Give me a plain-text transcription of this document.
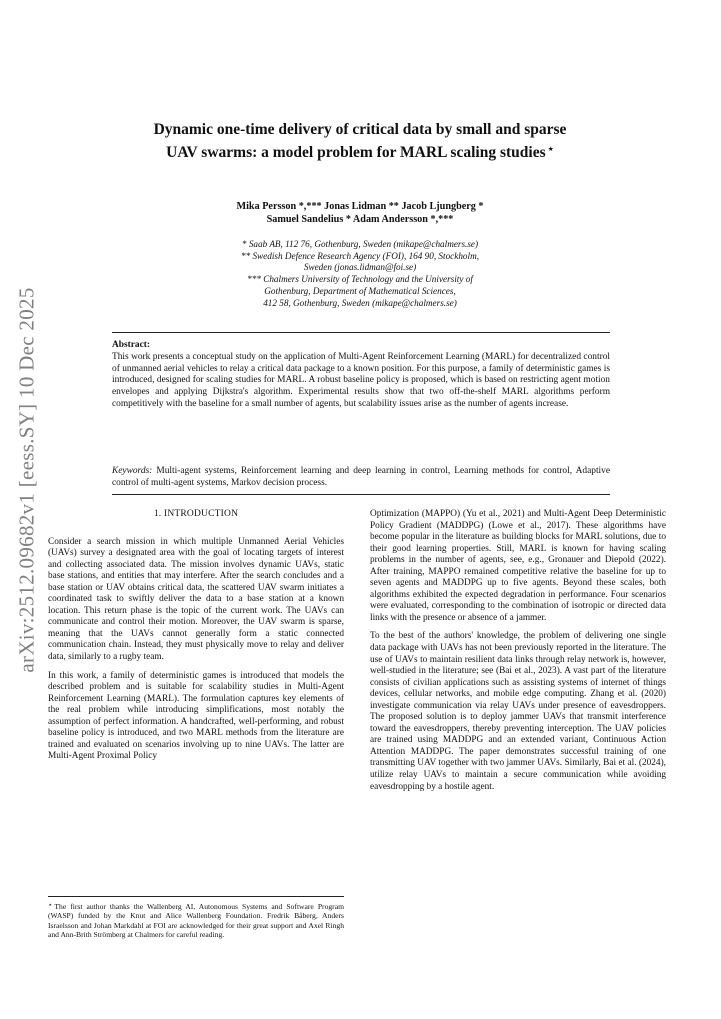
arXiv:2512.09682v1 [eess.SY] 10 Dec 2025
Dynamic one-time delivery of critical data by small and sparse UAV swarms: a model problem for MARL scaling studies ⋆
Mika Persson *,*** Jonas Lidman ** Jacob Ljungberg *
Samuel Sandelius * Adam Andersson *,***
* Saab AB, 112 76, Gothenburg, Sweden (mikape@chalmers.se)
** Swedish Defence Research Agency (FOI), 164 90, Stockholm,
Sweden (jonas.lidman@foi.se)
*** Chalmers University of Technology and the University of
Gothenburg, Department of Mathematical Sciences,
412 58, Gothenburg, Sweden (mikape@chalmers.se)
Abstract:
This work presents a conceptual study on the application of Multi-Agent Reinforcement Learning (MARL) for decentralized control of unmanned aerial vehicles to relay a critical data package to a known position. For this purpose, a family of deterministic games is introduced, designed for scaling studies for MARL. A robust baseline policy is proposed, which is based on restricting agent motion envelopes and applying Dijkstra's algorithm. Experimental results show that two off-the-shelf MARL algorithms perform competitively with the baseline for a small number of agents, but scalability issues arise as the number of agents increase.
Keywords: Multi-agent systems, Reinforcement learning and deep learning in control, Learning methods for control, Adaptive control of multi-agent systems, Markov decision process.
1. INTRODUCTION

Consider a search mission in which multiple Unmanned Aerial Vehicles (UAVs) survey a designated area with the goal of locating targets of interest and collecting associated data. The mission involves dynamic UAVs, static base stations, and entities that may interfere. After the search concludes and a base station or UAV obtains critical data, the scattered UAV swarm initiates a coordinated task to swiftly deliver the data to a base station at a known location. This return phase is the topic of the current work. The UAVs can communicate and control their motion. Moreover, the UAV swarm is sparse, meaning that the UAVs cannot generally form a static connected communication chain. Instead, they must physically move to relay and deliver data, similarly to a rugby team.

In this work, a family of deterministic games is introduced that models the described problem and is suitable for scalability studies in Multi-Agent Reinforcement Learning (MARL). The formulation captures key elements of the real problem while introducing simplifications, most notably the assumption of perfect information. A handcrafted, well-performing, and robust baseline policy is introduced, and two MARL methods from the literature are trained and evaluated on scenarios involving up to nine UAVs. The latter are Multi-Agent Proximal Policy

Optimization (MAPPO) (Yu et al., 2021) and Multi-Agent Deep Deterministic Policy Gradient (MADDPG) (Lowe et al., 2017). These algorithms have become popular in the literature as building blocks for MARL solutions, due to their good learning properties. Still, MARL is known for having scaling problems in the number of agents, see, e.g., Gronauer and Diepold (2022). After training, MAPPO remained competitive relative the baseline for up to seven agents and MADDPG up to five agents. Beyond these scales, both algorithms exhibited the expected degradation in performance. Four scenarios were evaluated, corresponding to the combination of isotropic or directed data links with the presence or absence of a jammer.

To the best of the authors' knowledge, the problem of delivering one single data package with UAVs has not been previously reported in the literature. The use of UAVs to maintain resilient data links through relay network is, however, well-studied in the literature; see (Bai et al., 2023). A vast part of the literature consists of civilian applications such as assisting systems of internet of things devices, cellular networks, and mobile edge computing. Zhang et al. (2020) investigate communication via relay UAVs under presence of eavesdroppers. The proposed solution is to deploy jammer UAVs that transmit interference toward the eavesdroppers, thereby preventing interception. The UAV policies are trained using MADDPG and an extended variant, Continuous Action Attention MADDPG. The paper demonstrates successful training of one transmitting UAV together with two jammer UAVs. Similarly, Bai et al. (2024), utilize relay UAVs to maintain a secure communication while avoiding eavesdropping by a hostile agent.

⋆ The first author thanks the Wallenberg AI, Autonomous Systems and Software Program (WASP) funded by the Knut and Alice Wallenberg Foundation. Fredrik Båberg, Anders Israelsson and Johan Markdahl at FOI are acknowledged for their great support and Axel Ringh and Ann-Brith Strömberg at Chalmers for careful reading.
